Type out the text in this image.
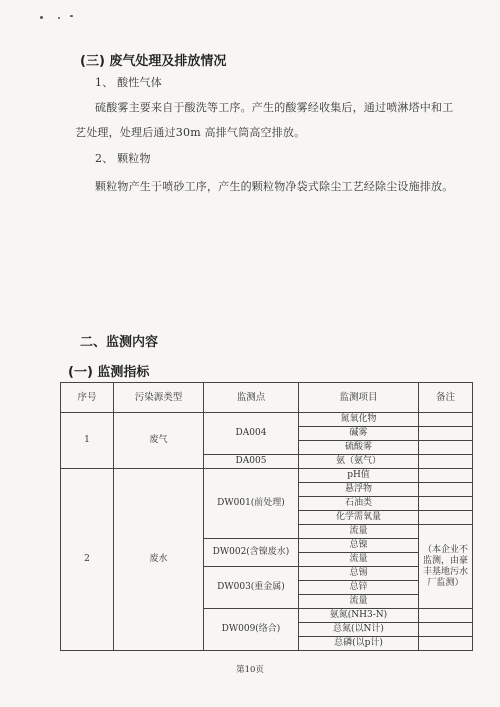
(三) 废气处理及排放情况
1、 酸性气体
硫酸雾主要来自于酸洗等工序。产生的酸雾经收集后，通过喷淋塔中和工
艺处理，处理后通过30m 高排气筒高空排放。
2、 颗粒物
颗粒物产生于喷砂工序，产生的颗粒物净袋式除尘工艺经除尘设施排放。
二、监测内容
(一) 监测指标
序号	污染源类型	监测点	监测项目	备注
1	废气	DA004	氮氧化物	
			碱雾	
			硫酸雾	
		DA005	氨（氨气）	
2	废水	DW001(前处理)	pH值	
			悬浮物	
			石油类	
			化学需氧量	
			流量	（本企业不监测，由豪丰基地污水厂监测）
		DW002(含镍废水)	总镍	
			流量	
		DW003(重金属)	总锡	
			总锌	
			流量	
		DW009(络合)	氨氮(NH3-N)	
			总氮(以N计)	
			总磷(以p计)	
第10页
